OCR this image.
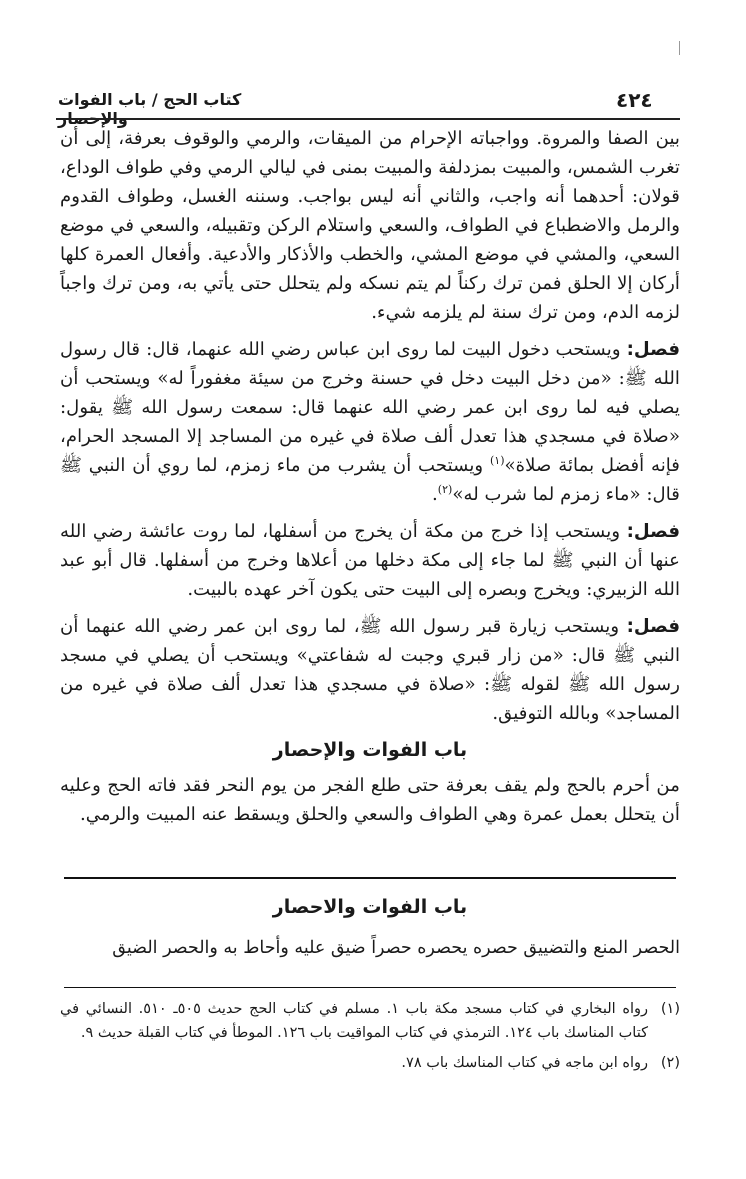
٤٢٤
كتاب الحج / باب الفوات والإحصار

بين الصفا والمروة. وواجباته الإحرام من الميقات، والرمي والوقوف بعرفة، إلى أن تغرب الشمس، والمبيت بمزدلفة والمبيت بمنى في ليالي الرمي وفي طواف الوداع، قولان: أحدهما أنه واجب، والثاني أنه ليس بواجب. وسننه الغسل، وطواف القدوم والرمل والاضطباع في الطواف، والسعي واستلام الركن وتقبيله، والسعي في موضع السعي، والمشي في موضع المشي، والخطب والأذكار والأدعية. وأفعال العمرة كلها أركان إلا الحلق فمن ترك ركناً لم يتم نسكه ولم يتحلل حتى يأتي به، ومن ترك واجباً لزمه الدم، ومن ترك سنة لم يلزمه شيء.

فصل: ويستحب دخول البيت لما روى ابن عباس رضي الله عنهما، قال: قال رسول الله ﷺ: «من دخل البيت دخل في حسنة وخرج من سيئة مغفوراً له» ويستحب أن يصلي فيه لما روى ابن عمر رضي الله عنهما قال: سمعت رسول الله ﷺ يقول: «صلاة في مسجدي هذا تعدل ألف صلاة في غيره من المساجد إلا المسجد الحرام، فإنه أفضل بمائة صلاة»$^{(١)}$ ويستحب أن يشرب من ماء زمزم، لما روي أن النبي ﷺ قال: «ماء زمزم لما شرب له»$^{(٢)}$.

فصل: ويستحب إذا خرج من مكة أن يخرج من أسفلها، لما روت عائشة رضي الله عنها أن النبي ﷺ لما جاء إلى مكة دخلها من أعلاها وخرج من أسفلها. قال أبو عبد الله الزبيري: ويخرج وبصره إلى البيت حتى يكون آخر عهده بالبيت.

فصل: ويستحب زيارة قبر رسول الله ﷺ، لما روى ابن عمر رضي الله عنهما أن النبي ﷺ قال: «من زار قبري وجبت له شفاعتي» ويستحب أن يصلي في مسجد رسول الله ﷺ لقوله ﷺ: «صلاة في مسجدي هذا تعدل ألف صلاة في غيره من المساجد» وبالله التوفيق.

باب الفوات والإحصار

من أحرم بالحج ولم يقف بعرفة حتى طلع الفجر من يوم النحر فقد فاته الحج وعليه أن يتحلل بعمل عمرة وهي الطواف والسعي والحلق ويسقط عنه المبيت والرمي.

باب الفوات والاحصار

الحصر المنع والتضييق حصره يحصره حصراً ضيق عليه وأحاط به والحصر الضيق

(١)
رواه البخاري في كتاب مسجد مكة باب ١. مسلم في كتاب الحج حديث ٥٠٥ـ ٥١٠. النسائي في كتاب المناسك باب ١٢٤. الترمذي في كتاب المواقيت باب ١٢٦. الموطأ في كتاب القبلة حديث ٩.
(٢)
رواه ابن ماجه في كتاب المناسك باب ٧٨.
